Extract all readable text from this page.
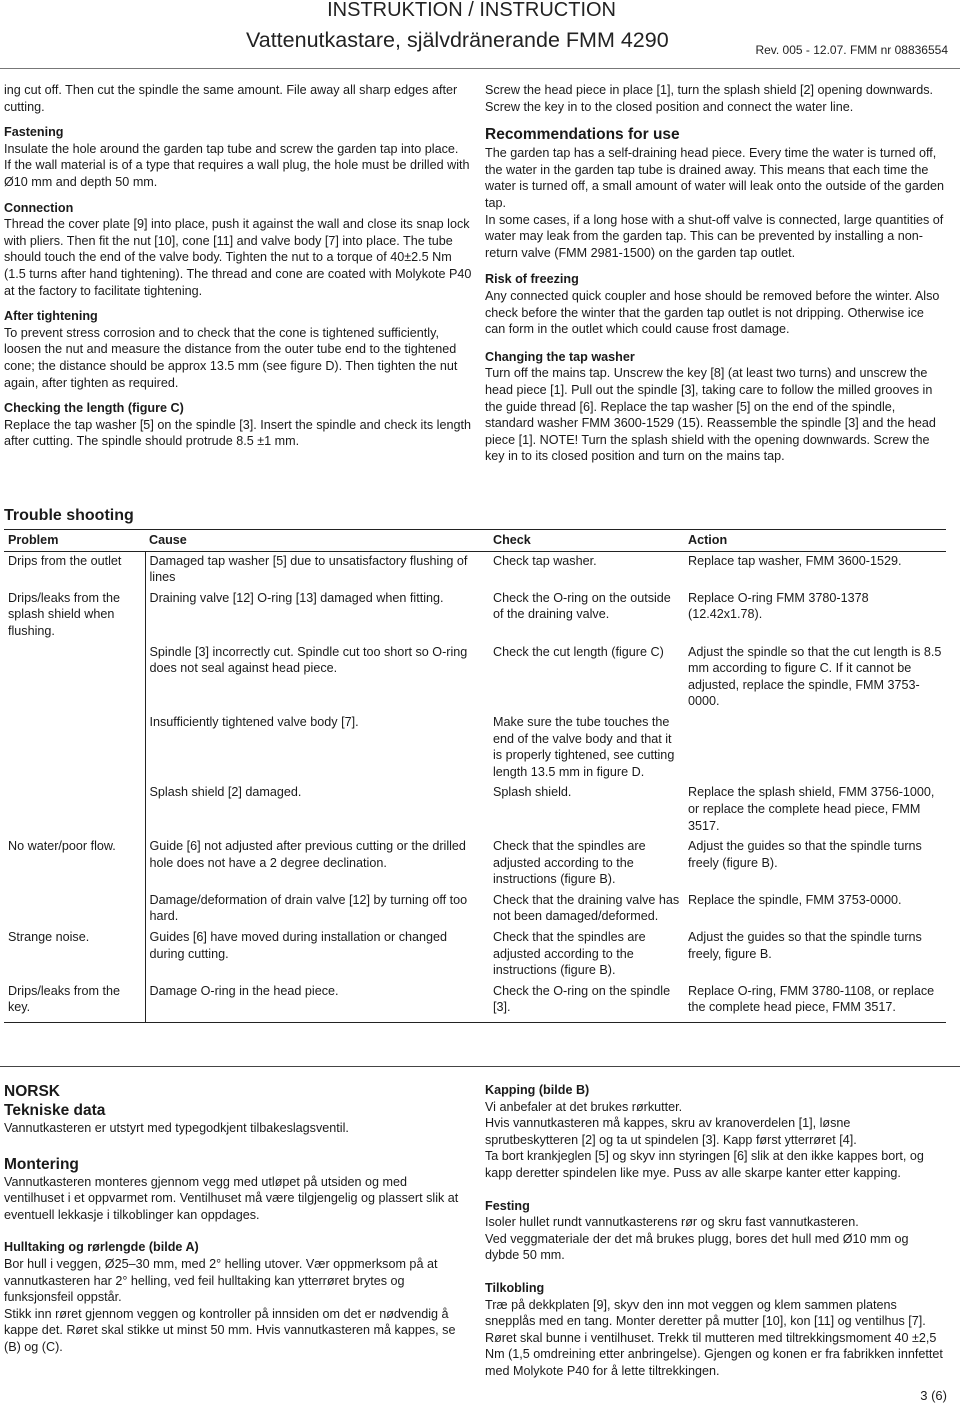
INSTRUKTION / INSTRUCTION
Vattenutkastare, självdränerande FMM 4290	Rev. 005 - 12.07. FMM nr 08836554

ing cut off. Then cut the spindle the same amount. File away all sharp edges after cutting.

Fastening

Insulate the hole around the garden tap tube and screw the garden tap into place.

If the wall material is of a type that requires a wall plug, the hole must be drilled with Ø10 mm and depth 50 mm.

Connection

Thread the cover plate [9] into place, push it against the wall and close its snap lock with pliers. Then fit the nut [10], cone [11] and valve body [7] into place. The tube should touch the end of the valve body. Tighten the nut to a torque of 40±2.5 Nm (1.5 turns after hand tightening). The thread and cone are coated with Molykote P40 at the factory to facilitate tightening.

After tightening

To prevent stress corrosion and to check that the cone is tightened sufficiently, loosen the nut and measure the distance from the outer tube end to the tightened cone; the distance should be approx 13.5 mm (see figure D). Then tighten the nut again, after tighten as required.

Checking the length (figure C)

Replace the tap washer [5] on the spindle [3]. Insert the spindle and check its length after cutting. The spindle should protrude 8.5 ±1 mm.

Screw the head piece in place [1], turn the splash shield [2] opening downwards.

Screw the key in to the closed position and connect the water line.

Recommendations for use

The garden tap has a self-draining head piece. Every time the water is turned off, the water in the garden tap tube is drained away. This means that each time the water is turned off, a small amount of water will leak onto the outside of the garden tap.

In some cases, if a long hose with a shut-off valve is connected, large quantities of water may leak from the garden tap. This can be prevented by installing a non-return valve (FMM 2981-1500) on the garden tap outlet.

Risk of freezing

Any connected quick coupler and hose should be removed before the winter. Also check before the winter that the garden tap outlet is not dripping. Otherwise ice can form in the outlet which could cause frost damage.

Changing the tap washer

Turn off the mains tap. Unscrew the key [8] (at least two turns) and unscrew the head piece [1]. Pull out the spindle [3], taking care to follow the milled grooves in the guide thread [6]. Replace the tap washer [5] on the end of the spindle, standard washer FMM 3600-1529 (15). Reassemble the spindle [3] and the head piece [1]. NOTE! Turn the splash shield with the opening downwards. Screw the key in to its closed position and turn on the mains tap.

Trouble shooting
Problem	Cause	Check	Action
Drips from the outlet	Damaged tap washer [5] due to unsatisfactory flushing of lines	Check tap washer.	Replace tap washer, FMM 3600-1529.
Drips/leaks from the splash shield when flushing.	Draining valve [12] O-ring [13] damaged when fitting.	Check the O-ring on the outside of the draining valve.	Replace O-ring FMM 3780-1378 (12.42x1.78).
	Spindle [3] incorrectly cut. Spindle cut too short so O-ring does not seal against head piece.	Check the cut length (figure C)	Adjust the spindle so that the cut length is 8.5 mm according to figure C. If it cannot be adjusted, replace the spindle, FMM 3753-0000.
	Insufficiently tightened valve body [7].	Make sure the tube touches the end of the valve body and that it is properly tightened, see cutting length 13.5 mm in figure D.	
	Splash shield [2] damaged.	Splash shield.	Replace the splash shield, FMM 3756-1000, or replace the complete head piece, FMM 3517.
No water/poor flow.	Guide [6] not adjusted after previous cutting or the drilled hole does not have a 2 degree declination.	Check that the spindles are adjusted according to the instructions (figure B).	Adjust the guides so that the spindle turns freely (figure B).
	Damage/deformation of drain valve [12] by turning off too hard.	Check that the draining valve has not been damaged/deformed.	Replace the spindle, FMM 3753-0000.
Strange noise.	Guides [6] have moved during installation or changed during cutting.	Check that the spindles are adjusted according to the instructions (figure B).	Adjust the guides so that the spindle turns freely, figure B.
Drips/leaks from the key.	Damage O-ring in the head piece.	Check the O-ring on the spindle [3].	Replace O-ring, FMM 3780-1108, or replace the complete head piece, FMM 3517.

NORSK

Tekniske data

Vannutkasteren er utstyrt med typegodkjent tilbakeslagsventil.

Montering

Vannutkasteren monteres gjennom vegg med utløpet på utsiden og med ventilhuset i et oppvarmet rom. Ventilhuset må være tilgjengelig og plassert slik at eventuell lekkasje i tilkoblinger kan oppdages.

Hulltaking og rørlengde (bilde A)

Bor hull i veggen, Ø25–30 mm, med 2° helling utover. Vær oppmerksom på at vannutkasteren har 2° helling, ved feil hulltaking kan ytterrøret brytes og funksjonsfeil oppstår.

Stikk inn røret gjennom veggen og kontroller på innsiden om det er nødvendig å kappe det. Røret skal stikke ut minst 50 mm. Hvis vannutkasteren må kappes, se (B) og (C).

Kapping (bilde B)

Vi anbefaler at det brukes rørkutter.

Hvis vannutkasteren må kappes, skru av kranoverdelen [1], løsne sprutbeskytteren [2] og ta ut spindelen [3]. Kapp først ytterrøret [4].

Ta bort krankjeglen [5] og skyv inn styringen [6] slik at den ikke kappes bort, og kapp deretter spindelen like mye. Puss av alle skarpe kanter etter kapping.

Festing

Isoler hullet rundt vannutkasterens rør og skru fast vannutkasteren.

Ved veggmateriale der det må brukes plugg, bores det hull med Ø10 mm og dybde 50 mm.

Tilkobling

Træ på dekkplaten [9], skyv den inn mot veggen og klem sammen platens snepplås med en tang. Monter deretter på mutter [10], kon [11] og ventilhus [7]. Røret skal bunne i ventilhuset. Trekk til mutteren med tiltrekkingsmoment 40 ±2,5 Nm (1,5 omdreining etter anbringelse). Gjengen og konen er fra fabrikken innfettet med Molykote P40 for å lette tiltrekkingen.

3 (6)
